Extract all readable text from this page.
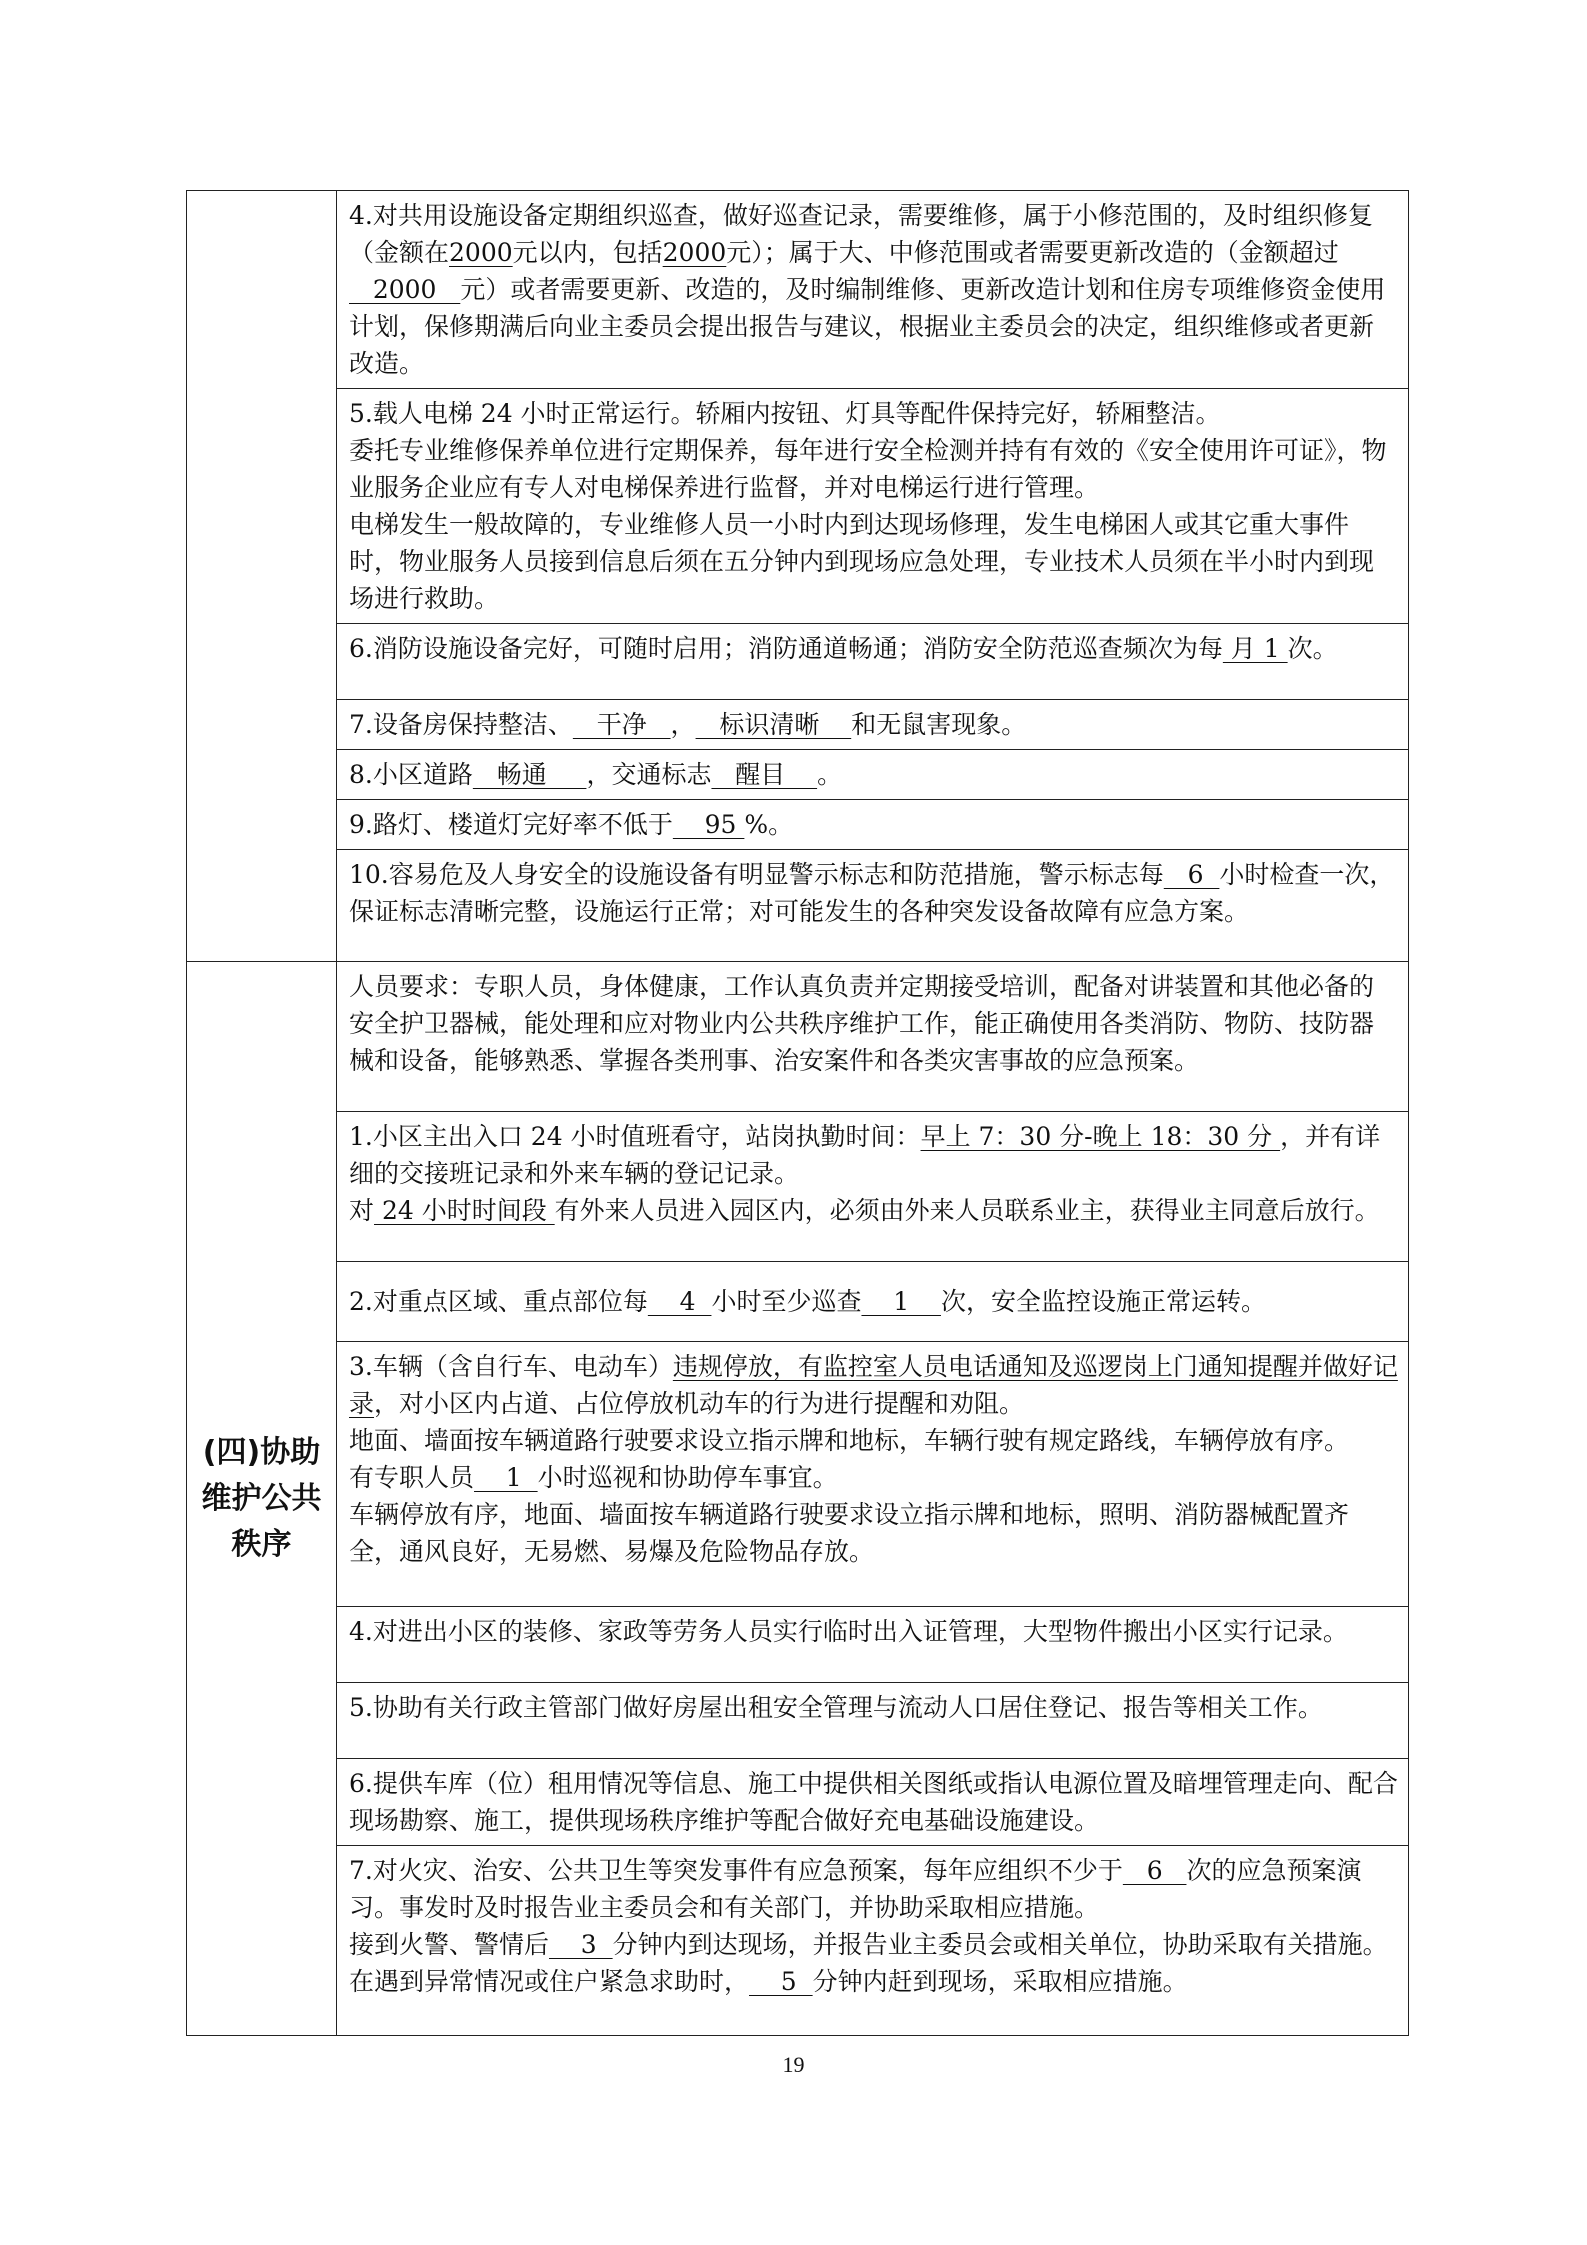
	4.对共用设施设备定期组织巡查，做好巡查记录，需要维修，属于小修范围的，及时组织修复（金额在2000元以内，包括2000元）；属于大、中修范围或者需要更新改造的（金额超过   2000   元）或者需要更新、改造的，及时编制维修、更新改造计划和住房专项维修资金使用计划，保修期满后向业主委员会提出报告与建议，根据业主委员会的决定，组织维修或者更新改造。

	5.载人电梯 24 小时正常运行。轿厢内按钮、灯具等配件保持完好，轿厢整洁。
委托专业维修保养单位进行定期保养，每年进行安全检测并持有有效的《安全使用许可证》，物业服务企业应有专人对电梯保养进行监督，并对电梯运行进行管理。
电梯发生一般故障的，专业维修人员一小时内到达现场修理，发生电梯困人或其它重大事件时，物业服务人员接到信息后须在五分钟内到现场应急处理，专业技术人员须在半小时内到现场进行救助。

	6.消防设施设备完好，可随时启用；消防通道畅通；消防安全防范巡查频次为每 月 1 次。

	7.设备房保持整洁、   干净   ，   标识清晰    和无鼠害现象。

	8.小区道路   畅通     ，交通标志   醒目    。

	9.路灯、楼道灯完好率不低于    95 %。

	10.容易危及人身安全的设施设备有明显警示标志和防范措施，警示标志每   6  小时检查一次，保证标志清晰完整，设施运行正常；对可能发生的各种突发设备故障有应急方案。

(四)协助维护公共秩序	人员要求：专职人员，身体健康，工作认真负责并定期接受培训，配备对讲装置和其他必备的安全护卫器械，能处理和应对物业内公共秩序维护工作，能正确使用各类消防、物防、技防器械和设备，能够熟悉、掌握各类刑事、治安案件和各类灾害事故的应急预案。

	1.小区主出入口 24 小时值班看守，站岗执勤时间：早上 7：30 分-晚上 18：30 分 ，并有详细的交接班记录和外来车辆的登记记录。
对 24 小时时间段 有外来人员进入园区内，必须由外来人员联系业主，获得业主同意后放行。

	2.对重点区域、重点部位每    4  小时至少巡查    1    次，安全监控设施正常运转。

	3.车辆（含自行车、电动车）违规停放，有监控室人员电话通知及巡逻岗上门通知提醒并做好记录，对小区内占道、占位停放机动车的行为进行提醒和劝阻。
地面、墙面按车辆道路行驶要求设立指示牌和地标，车辆行驶有规定路线，车辆停放有序。
有专职人员    1  小时巡视和协助停车事宜。
车辆停放有序，地面、墙面按车辆道路行驶要求设立指示牌和地标，照明、消防器械配置齐全，通风良好，无易燃、易爆及危险物品存放。

	4.对进出小区的装修、家政等劳务人员实行临时出入证管理，大型物件搬出小区实行记录。

	5.协助有关行政主管部门做好房屋出租安全管理与流动人口居住登记、报告等相关工作。

	6.提供车库（位）租用情况等信息、施工中提供相关图纸或指认电源位置及暗埋管理走向、配合现场勘察、施工，提供现场秩序维护等配合做好充电基础设施建设。

	7.对火灾、治安、公共卫生等突发事件有应急预案，每年应组织不少于   6   次的应急预案演习。事发时及时报告业主委员会和有关部门，并协助采取相应措施。
接到火警、警情后    3  分钟内到达现场，并报告业主委员会或相关单位，协助采取有关措施。
在遇到异常情况或住户紧急求助时，    5  分钟内赶到现场，采取相应措施。
19
